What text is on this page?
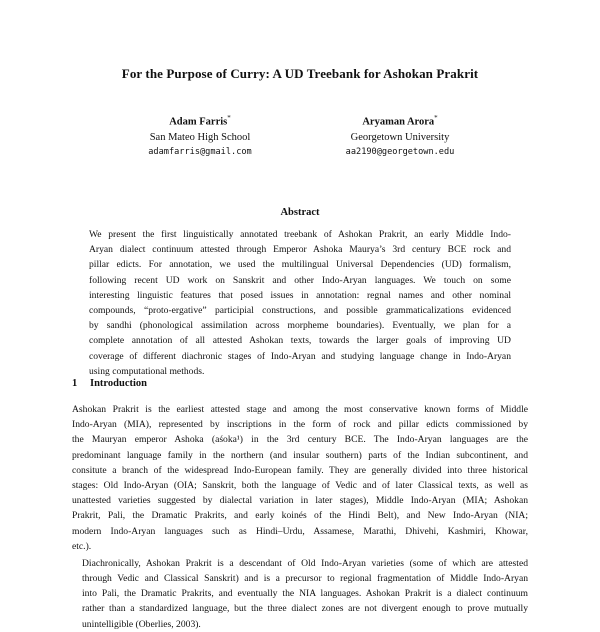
For the Purpose of Curry: A UD Treebank for Ashokan Prakrit
Adam Farris*
San Mateo High School
adamfarris@gmail.com
Aryaman Arora*
Georgetown University
aa2190@georgetown.edu
Abstract
We present the first linguistically annotated treebank of Ashokan Prakrit, an early Middle Indo-
Aryan dialect continuum attested through Emperor Ashoka Maurya’s 3rd century BCE rock and
pillar edicts. For annotation, we used the multilingual Universal Dependencies (UD) formalism,
following recent UD work on Sanskrit and other Indo-Aryan languages. We touch on some
interesting linguistic features that posed issues in annotation: regnal names and other nominal
compounds, “proto-ergative” participial constructions, and possible grammaticalizations evidenced
by sandhi (phonological assimilation across morpheme boundaries). Eventually, we plan for a
complete annotation of all attested Ashokan texts, towards the larger goals of improving UD
coverage of different diachronic stages of Indo-Aryan and studying language change in Indo-Aryan
using computational methods.
1 Introduction

Ashokan Prakrit is the earliest attested stage and among the most conservative known forms of Middle
Indo-Aryan (MIA), represented by inscriptions in the form of rock and pillar edicts commissioned by
the Mauryan emperor Ashoka (aśoka¹) in the 3rd century BCE. The Indo-Aryan languages are the
predominant language family in the northern (and insular southern) parts of the Indian subcontinent, and
consitute a branch of the widespread Indo-European family. They are generally divided into three historical
stages: Old Indo-Aryan (OIA; Sanskrit, both the language of Vedic and of later Classical texts, as well as
unattested varieties suggested by dialectal variation in later stages), Middle Indo-Aryan (MIA; Ashokan
Prakrit, Pali, the Dramatic Prakrits, and early koinés of the Hindi Belt), and New Indo-Aryan (NIA;
modern Indo-Aryan languages such as Hindi–Urdu, Assamese, Marathi, Dhivehi, Kashmiri, Khowar,
etc.).

Diachronically, Ashokan Prakrit is a descendant of Old Indo-Aryan varieties (some of which are attested
through Vedic and Classical Sanskrit) and is a precursor to regional fragmentation of Middle Indo-Aryan
into Pali, the Dramatic Prakrits, and eventually the NIA languages. Ashokan Prakrit is a dialect continuum
rather than a standardized language, but the three dialect zones are not divergent enough to prove mutually
unintelligible (Oberlies, 2003).
